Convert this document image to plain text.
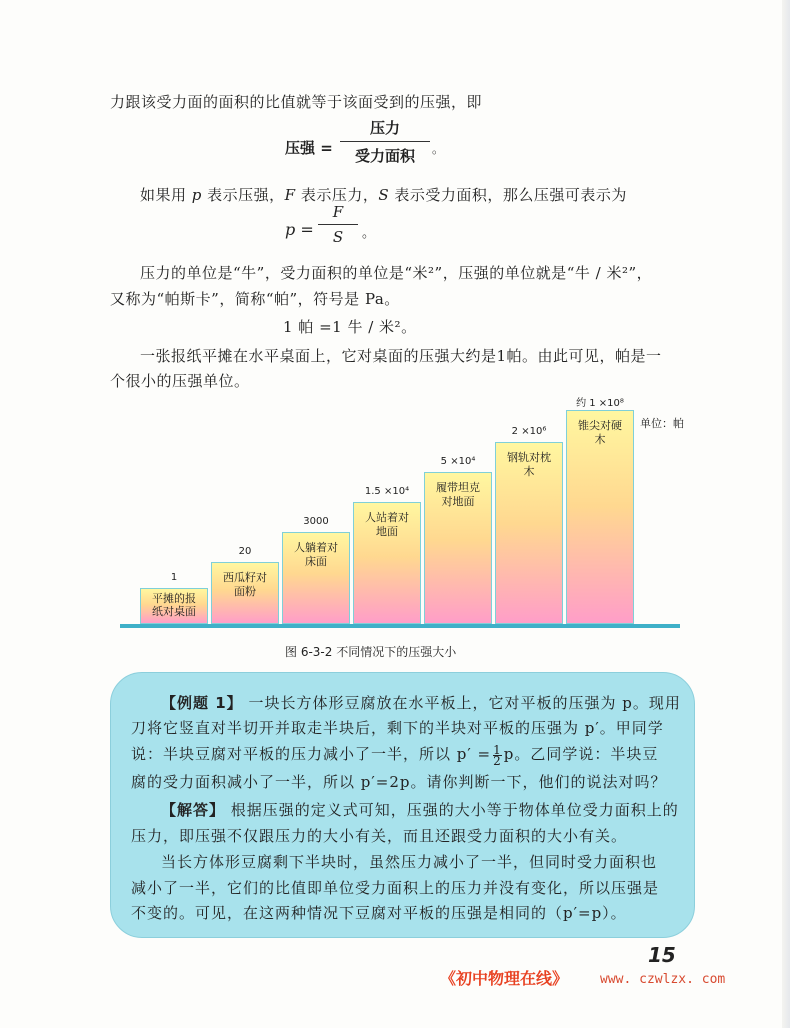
力跟该受力面的面积的比值就等于该面受到的压强，即
压强 =
压力
受力面积	。
如果用 p 表示压强，F 表示压力，S 表示受力面积，那么压强可表示为
p =
F
S	。
压力的单位是“牛”，受力面积的单位是“米²”，压强的单位就是“牛 / 米²”，
又称为“帕斯卡”，简称“帕”，符号是 Pa。
1 帕 =1 牛 / 米²。
一张报纸平摊在水平桌面上，它对桌面的压强大约是1帕。由此可见，帕是一
个很小的压强单位。
单位：帕
1
平摊的报纸对桌面
20
西瓜籽对面粉
3000
人躺着对床面
1.5 ×10⁴
人站着对地面
5 ×10⁴
履带坦克对地面
2 ×10⁶
钢轨对枕木
约 1 ×10⁸
锥尖对硬木
图 6-3-2 不同情况下的压强大小
【例题 1】 一块长方体形豆腐放在水平板上，它对平板的压强为 p。现用
刀将它竖直对半切开并取走半块后，剩下的半块对平板的压强为 p′。甲同学
说：半块豆腐对平板的压力减小了一半，所以 $p' = \frac{1}{2}$ p。乙同学说：半块豆
腐的受力面积减小了一半，所以 p′=2p。请你判断一下，他们的说法对吗？
【解答】 根据压强的定义式可知，压强的大小等于物体单位受力面积上的
压力，即压强不仅跟压力的大小有关，而且还跟受力面积的大小有关。
当长方体形豆腐剩下半块时，虽然压力减小了一半，但同时受力面积也
减小了一半，它们的比值即单位受力面积上的压力并没有变化，所以压强是
不变的。可见，在这两种情况下豆腐对平板的压强是相同的（p′=p）。
《初中物理在线》 www. czwlzx. com
15
